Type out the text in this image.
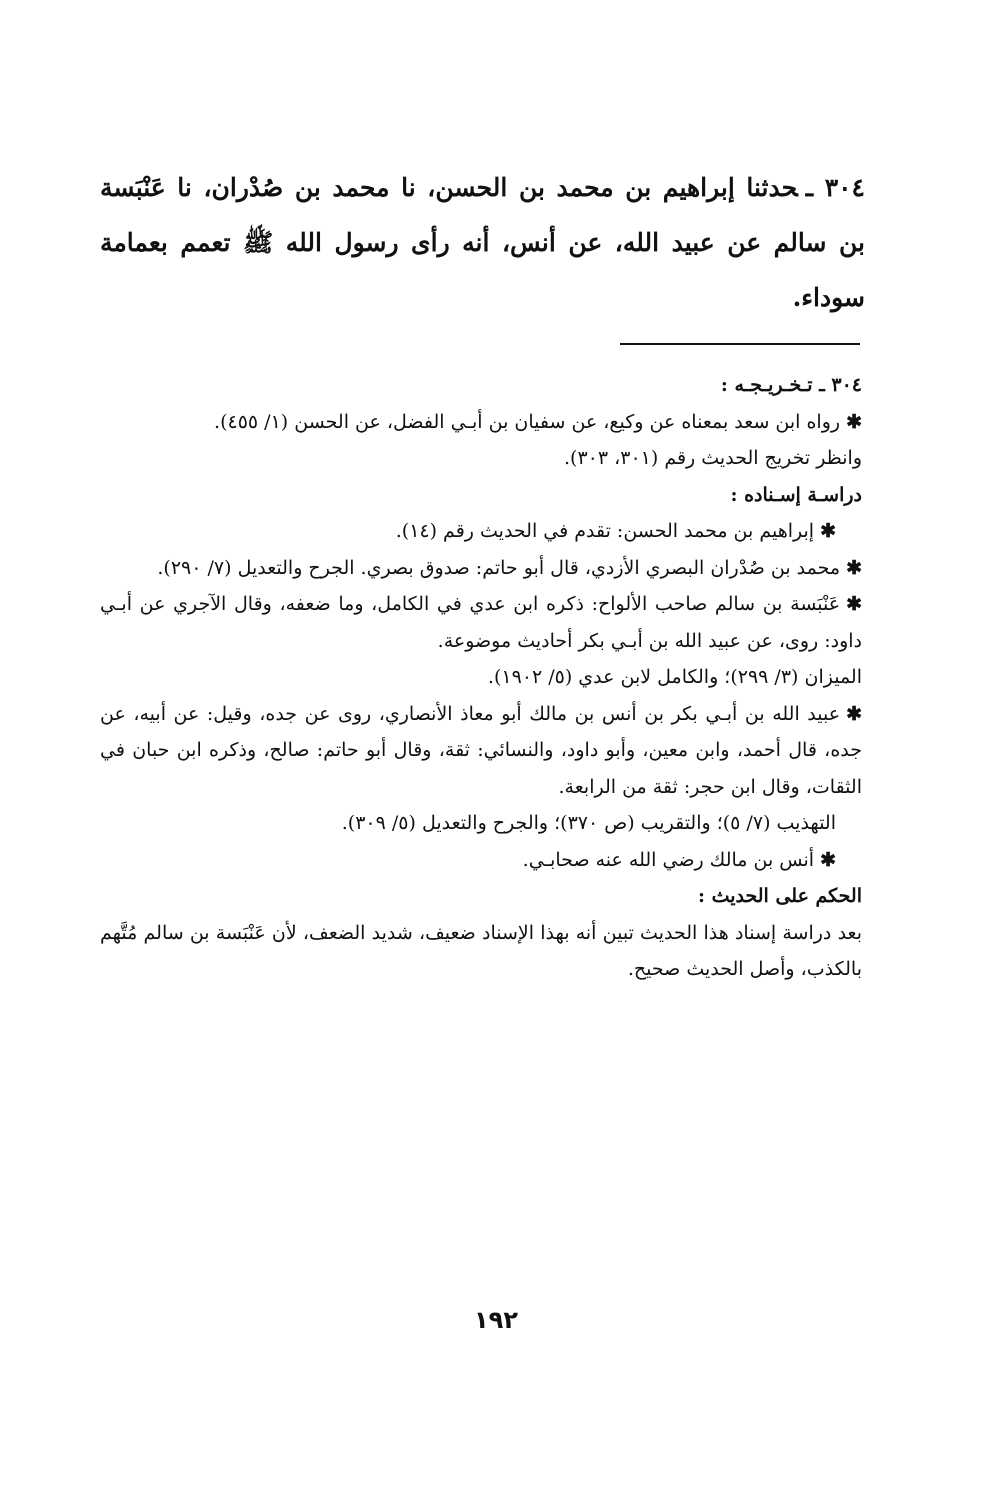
٣٠٤ ـحدثنا إبراهيم بن محمد بن الحسن، نا محمد بن صُدْران، نا عَنْبَسة بن سالم عن عبيد الله، عن أنس، أنه رأى رسول الله ﷺ تعمم بعمامة سوداء.

٣٠٤ ـ تـخـريـجـه :

✱رواه ابن سعد بمعناه عن وكيع، عن سفيان بن أبـي الفضل، عن الحسن (١/ ٤٥٥).

وانظر تخريج الحديث رقم (٣٠١، ٣٠٣).

دراسـة إسـناده :

✱إبراهيم بن محمد الحسن: تقدم في الحديث رقم (١٤).

✱محمد بن صُدْران البصري الأزدي، قال أبو حاتم: صدوق بصري. الجرح والتعديل (٧/ ٢٩٠).

✱عَنْبَسة بن سالم صاحب الألواح: ذكره ابن عدي في الكامل، وما ضعفه، وقال الآجري عن أبـي داود: روى، عن عبيد الله بن أبـي بكر أحاديث موضوعة.

الميزان (٣/ ٢٩٩)؛ والكامل لابن عدي (٥/ ١٩٠٢).

✱عبيد الله بن أبـي بكر بن أنس بن مالك أبو معاذ الأنصاري، روى عن جده، وقيل: عن أبيه، عن جده، قال أحمد، وابن معين، وأبو داود، والنسائي: ثقة، وقال أبو حاتم: صالح، وذكره ابن حبان في الثقات، وقال ابن حجر: ثقة من الرابعة.

التهذيب (٧/ ٥)؛ والتقريب (ص ٣٧٠)؛ والجرح والتعديل (٥/ ٣٠٩).

✱أنس بن مالك رضي الله عنه صحابـي.

الحكم على الحديث :

بعد دراسة إسناد هذا الحديث تبين أنه بهذا الإسناد ضعيف، شديد الضعف، لأن عَنْبَسة بن سالم مُتَّهم بالكذب، وأصل الحديث صحيح.

١٩٢
